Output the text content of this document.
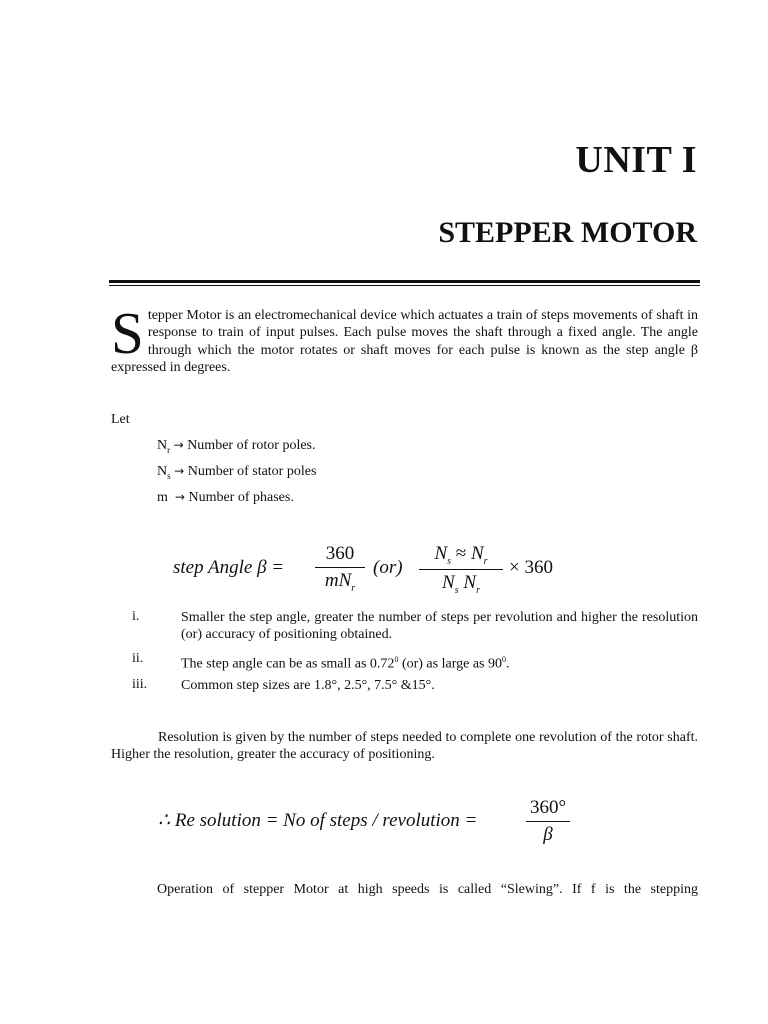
UNIT I
STEPPER MOTOR
Stepper Motor is an electromechanical device which actuates a train of steps movements of shaft in response to train of input pulses. Each pulse moves the shaft through a fixed angle. The angle through which the motor rotates or shaft moves for each pulse is known as the step angle β expressed in degrees.
Let
$N_r$ → Number of rotor poles.
$N_s$ → Number of stator poles
m → Number of phases.
step Angle β =
360
$mN_r$
(or)
$N_s \approx N_r$
$N_s$ $N_r$
× 360
i.	Smaller the step angle, greater the number of steps per revolution and higher the resolution (or) accuracy of positioning obtained.
ii.	The step angle can be as small as 0.72$^0$ (or) as large as $90^0$.
iii. Common step sizes are 1.8°, 2.5°, 7.5° &15°.
Resolution is given by the number of steps needed to complete one revolution of the rotor shaft. Higher the resolution, greater the accuracy of positioning.
∴ Re solution = No of steps / revolution =
360°
β
Operation of stepper Motor at high speeds is called “Slewing”. If f is the stepping
